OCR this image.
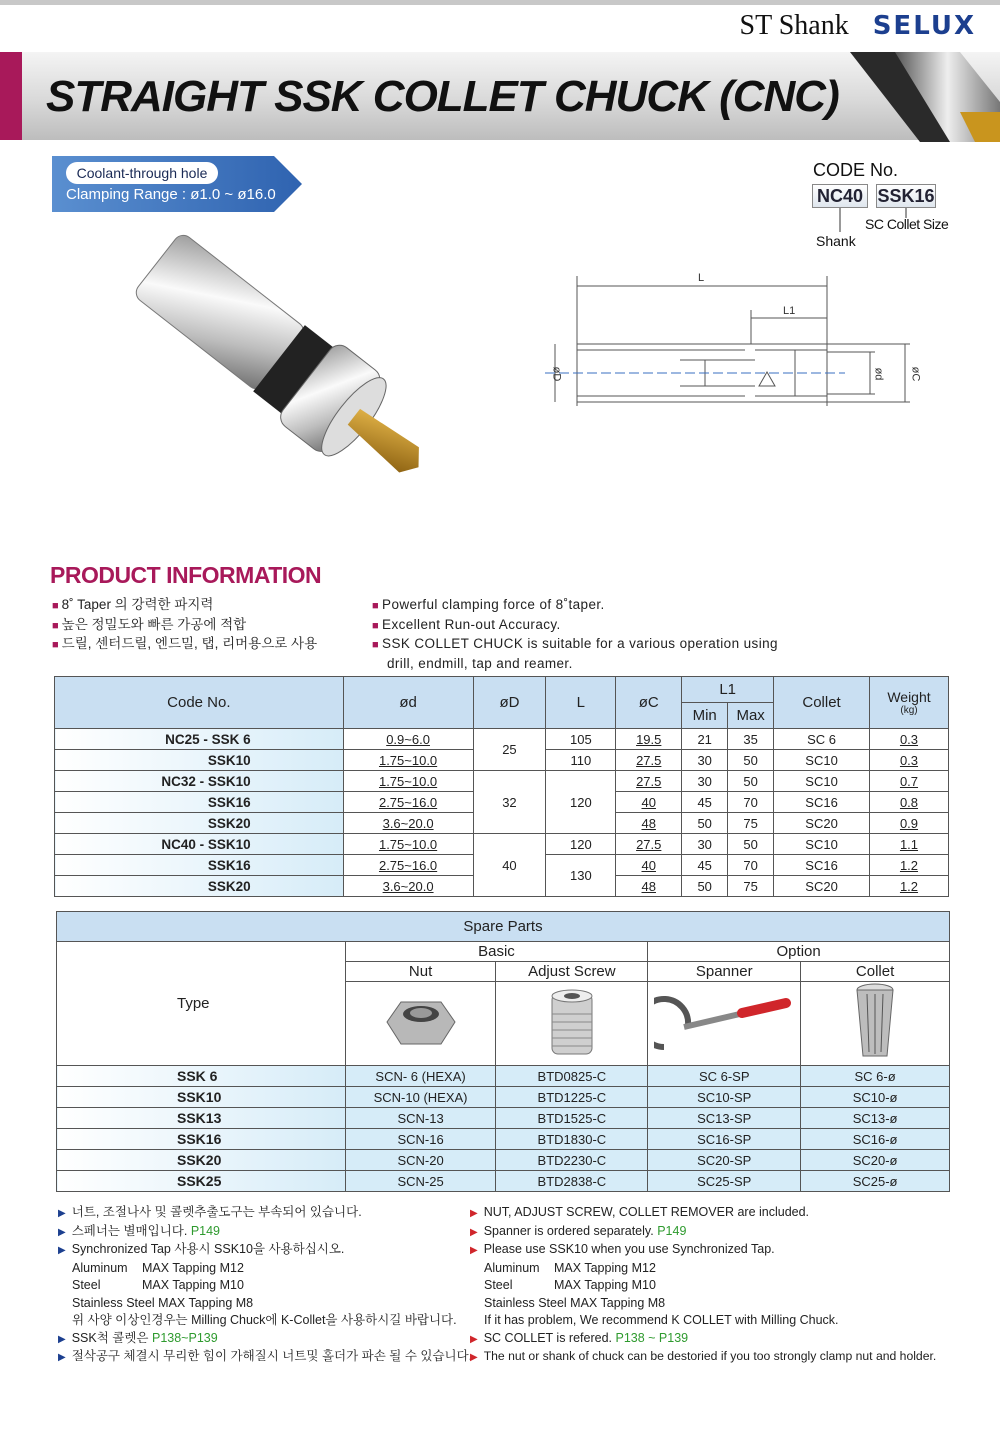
ST Shank SELUX
STRAIGHT SSK COLLET CHUCK (CNC)
Coolant-through hole
Clamping Range : ø1.0 ~ ø16.0
CODE No.
NC40 SSK16
SC Collet Size
Shank
L
L1
øD	ød øC
PRODUCT INFORMATION
■ 8˚ Taper 의 강력한 파지력
■ 높은 정밀도와 빠른 가공에 적합
■ 드릴, 센터드릴, 엔드밀, 탭, 리머용으로 사용
■ Powerful clamping force of 8˚taper.
■ Excellent Run-out Accuracy.
■ SSK COLLET CHUCK is suitable for a various operation using
drill, endmill, tap and reamer.
Code No.	ød	øD	L	øC	L1		Collet	Weight
(kg)

					Min	Max		
NC25 - SSK 6	0.9~6.0	25	105	19.5	21	35	SC 6	0.3
SSK10	1.75~10.0		110	27.5	30	50	SC10	0.3
NC32 - SSK10	1.75~10.0	32	120	27.5	30	50	SC10	0.7
SSK16	2.75~16.0			40	45	70	SC16	0.8
SSK20	3.6~20.0			48	50	75	SC20	0.9
NC40 - SSK10	1.75~10.0	40	120	27.5	30	50	SC10	1.1
SSK16	2.75~16.0		130	40	45	70	SC16	1.2
SSK20	3.6~20.0			48	50	75	SC20	1.2
Spare Parts				
Type	Basic		Option	
	Nut	Adjust Screw	Spanner	Collet

SSK 6	SCN- 6 (HEXA)	BTD0825-C	SC 6-SP	SC 6-ø
SSK10	SCN-10 (HEXA)	BTD1225-C	SC10-SP	SC10-ø
SSK13	SCN-13	BTD1525-C	SC13-SP	SC13-ø
SSK16	SCN-16	BTD1830-C	SC16-SP	SC16-ø
SSK20	SCN-20	BTD2230-C	SC20-SP	SC20-ø
SSK25	SCN-25	BTD2838-C	SC25-SP	SC25-ø
▶ 너트, 조절나사 및 콜렛추출도구는 부속되어 있습니다.
▶ 스페너는 별매입니다. P149
▶ Synchronized Tap 사용시 SSK10을 사용하십시오.
Aluminum MAX Tapping M12
Steel	MAX Tapping M10
Stainless Steel MAX Tapping M8
위 사양 이상인경우는 Milling Chuck에 K-Collet을 사용하시길 바랍니다.
▶ SSK척 콜렛은 P138~P139
▶ 절삭공구 체결시 무리한 힘이 가해질시 너트및 홀더가 파손 될 수 있습니다.
▶ NUT, ADJUST SCREW, COLLET REMOVER are included.
▶ Spanner is ordered separately. P149
▶ Please use SSK10 when you use Synchronized Tap.
Aluminum MAX Tapping M12
Steel	MAX Tapping M10
Stainless Steel MAX Tapping M8
If it has problem, We recommend K COLLET with Milling Chuck.
▶ SC COLLET is refered. P138 ~ P139
▶ The nut or shank of chuck can be destoried if you too strongly clamp nut and holder.
